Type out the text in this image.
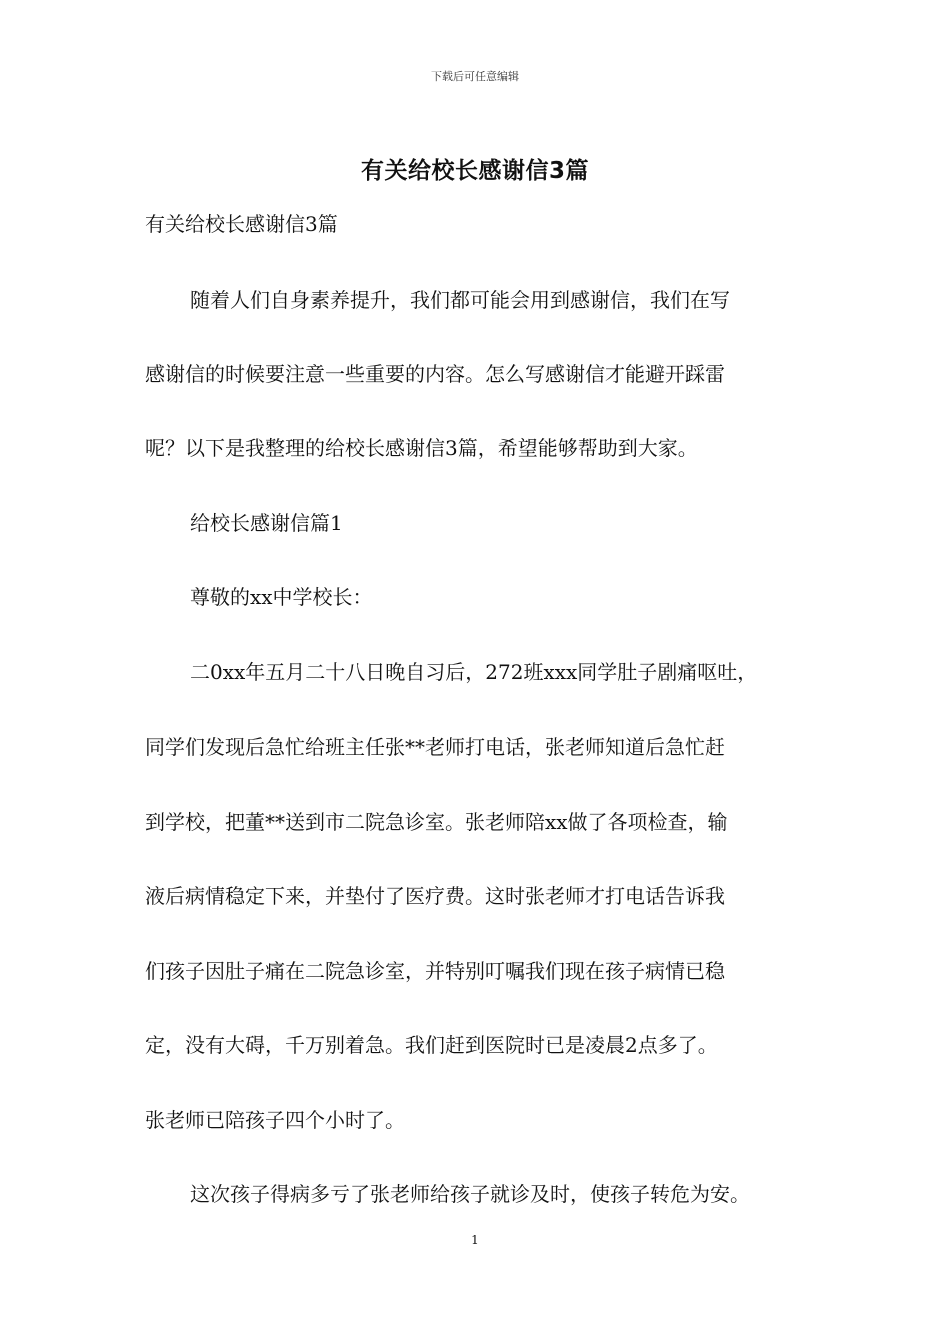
下载后可任意编辑
有关给校长感谢信3篇
有关给校长感谢信3篇
随着人们自身素养提升，我们都可能会用到感谢信，我们在写
感谢信的时候要注意一些重要的内容。怎么写感谢信才能避开踩雷
呢？以下是我整理的给校长感谢信3篇，希望能够帮助到大家。
给校长感谢信篇1
尊敬的xx中学校长：
二0xx年五月二十八日晚自习后，272班xxx同学肚子剧痛呕吐，
同学们发现后急忙给班主任张**老师打电话，张老师知道后急忙赶
到学校，把董**送到市二院急诊室。张老师陪xx做了各项检查，输
液后病情稳定下来，并垫付了医疗费。这时张老师才打电话告诉我
们孩子因肚子痛在二院急诊室，并特别叮嘱我们现在孩子病情已稳
定，没有大碍，千万别着急。我们赶到医院时已是凌晨2点多了。
张老师已陪孩子四个小时了。
这次孩子得病多亏了张老师给孩子就诊及时，使孩子转危为安。
1
